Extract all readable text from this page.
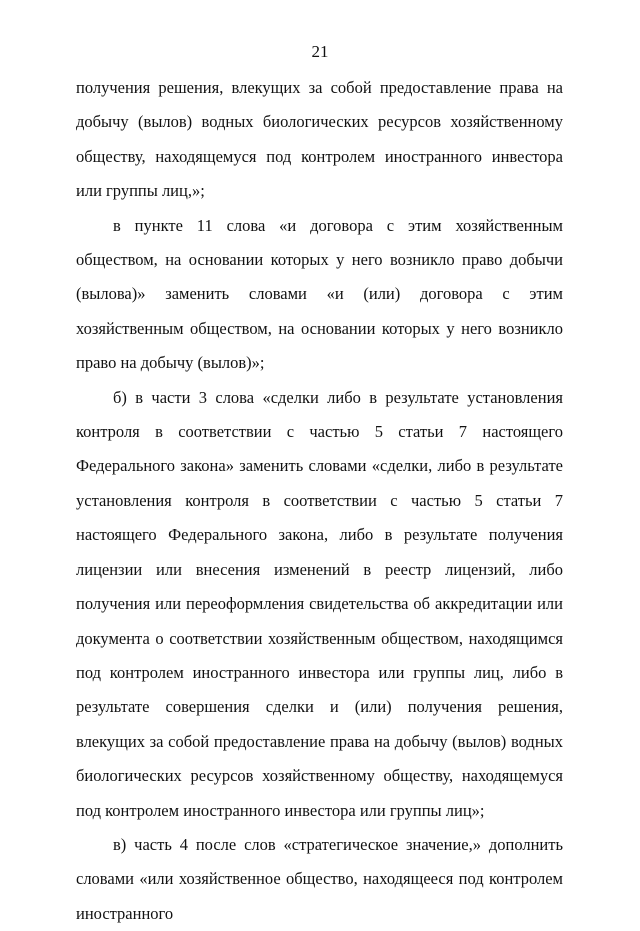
21

получения решения, влекущих за собой предоставление права на добычу (вылов) водных биологических ресурсов хозяйственному обществу, находящемуся под контролем иностранного инвестора или группы лиц,»;

в пункте 11 слова «и договора с этим хозяйственным обществом, на основании которых у него возникло право добычи (вылова)» заменить словами «и (или) договора с этим хозяйственным обществом, на основании которых у него возникло право на добычу (вылов)»;

б) в части 3 слова «сделки либо в результате установления контроля в соответствии с частью 5 статьи 7 настоящего Федерального закона» заменить словами «сделки, либо в результате установления контроля в соответствии с частью 5 статьи 7 настоящего Федерального закона, либо в результате получения лицензии или внесения изменений в реестр лицензий, либо получения или переоформления свидетельства об аккредитации или документа о соответствии хозяйственным обществом, находящимся под контролем иностранного инвестора или группы лиц, либо в результате совершения сделки и (или) получения решения, влекущих за собой предоставление права на добычу (вылов) водных биологических ресурсов хозяйственному обществу, находящемуся под контролем иностранного инвестора или группы лиц»;

в) часть 4 после слов «стратегическое значение,» дополнить словами «или хозяйственное общество, находящееся под контролем иностранного
